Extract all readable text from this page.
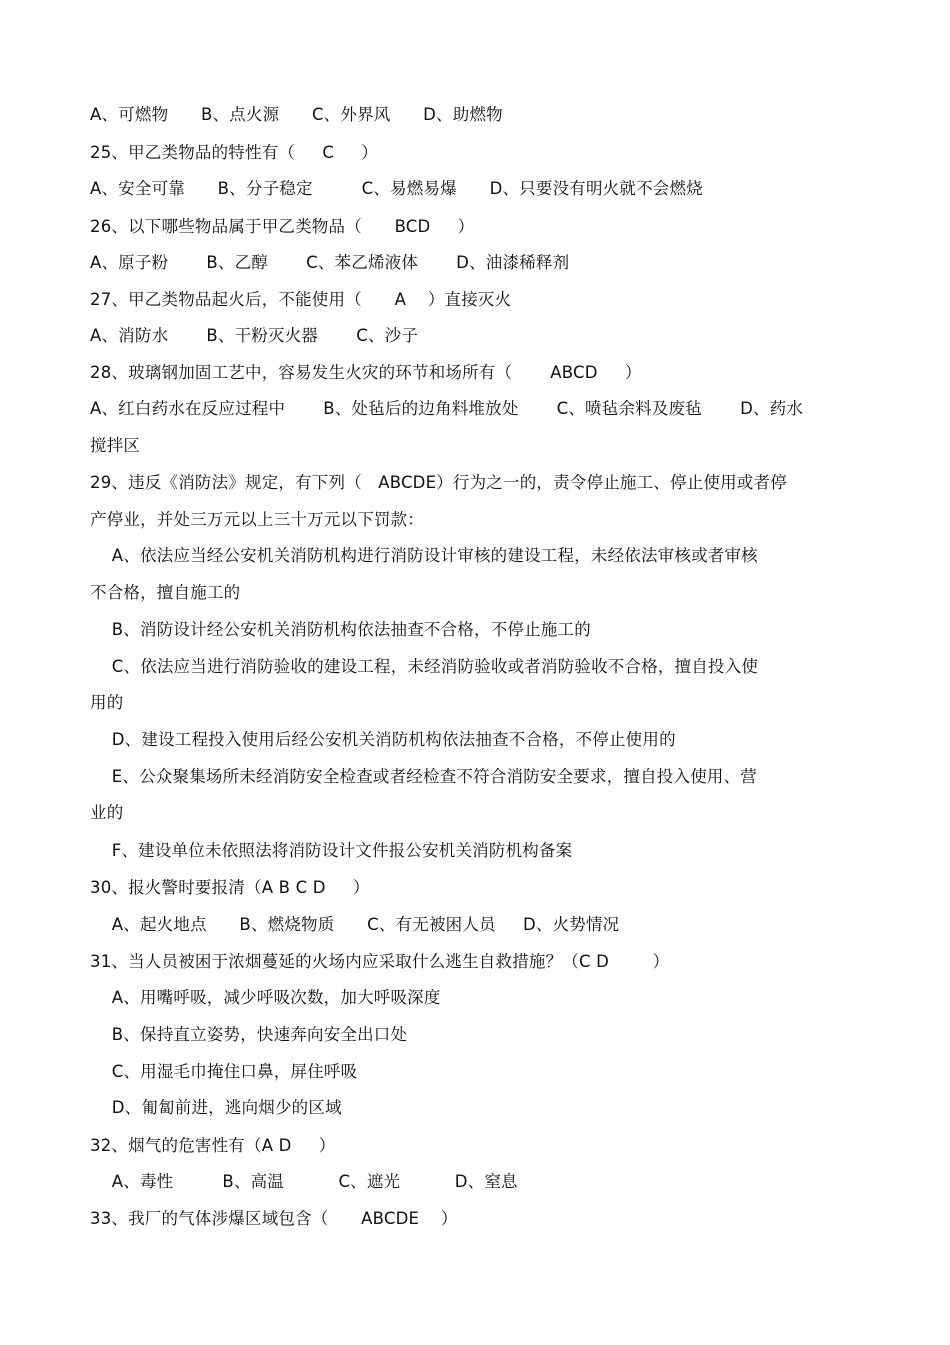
A、可燃物      B、点火源      C、外界风      D、助燃物
25、甲乙类物品的特性有（     C     ）
A、安全可靠      B、分子稳定         C、易燃易爆      D、只要没有明火就不会燃烧
26、以下哪些物品属于甲乙类物品（      BCD     ）
A、原子粉       B、乙醇       C、苯乙烯液体       D、油漆稀释剂
27、甲乙类物品起火后，不能使用（      A    ）直接灭火
A、消防水       B、干粉灭火器       C、沙子
28、玻璃钢加固工艺中，容易发生火灾的环节和场所有（       ABCD     ）
A、红白药水在反应过程中       B、处毡后的边角料堆放处       C、喷毡余料及废毡       D、药水
搅拌区
29、违反《消防法》规定，有下列（   ABCDE）行为之一的，责令停止施工、停止使用或者停
产停业，并处三万元以上三十万元以下罚款：
A、依法应当经公安机关消防机构进行消防设计审核的建设工程，未经依法审核或者审核
不合格，擅自施工的
B、消防设计经公安机关消防机构依法抽查不合格，不停止施工的
C、依法应当进行消防验收的建设工程，未经消防验收或者消防验收不合格，擅自投入使
用的
D、建设工程投入使用后经公安机关消防机构依法抽查不合格，不停止使用的
E、公众聚集场所未经消防安全检查或者经检查不符合消防安全要求，擅自投入使用、营
业的
F、建设单位未依照法将消防设计文件报公安机关消防机构备案
30、报火警时要报清（A B C D     ）
A、起火地点      B、燃烧物质      C、有无被困人员     D、火势情况
31、当人员被困于浓烟蔓延的火场内应采取什么逃生自救措施？（C D        ）
A、用嘴呼吸，减少呼吸次数，加大呼吸深度
B、保持直立姿势，快速奔向安全出口处
C、用湿毛巾掩住口鼻，屏住呼吸
D、匍匐前进，逃向烟少的区域
32、烟气的危害性有（A D     ）
A、毒性         B、高温          C、遮光          D、窒息
33、我厂的气体涉爆区域包含（      ABCDE    ）
